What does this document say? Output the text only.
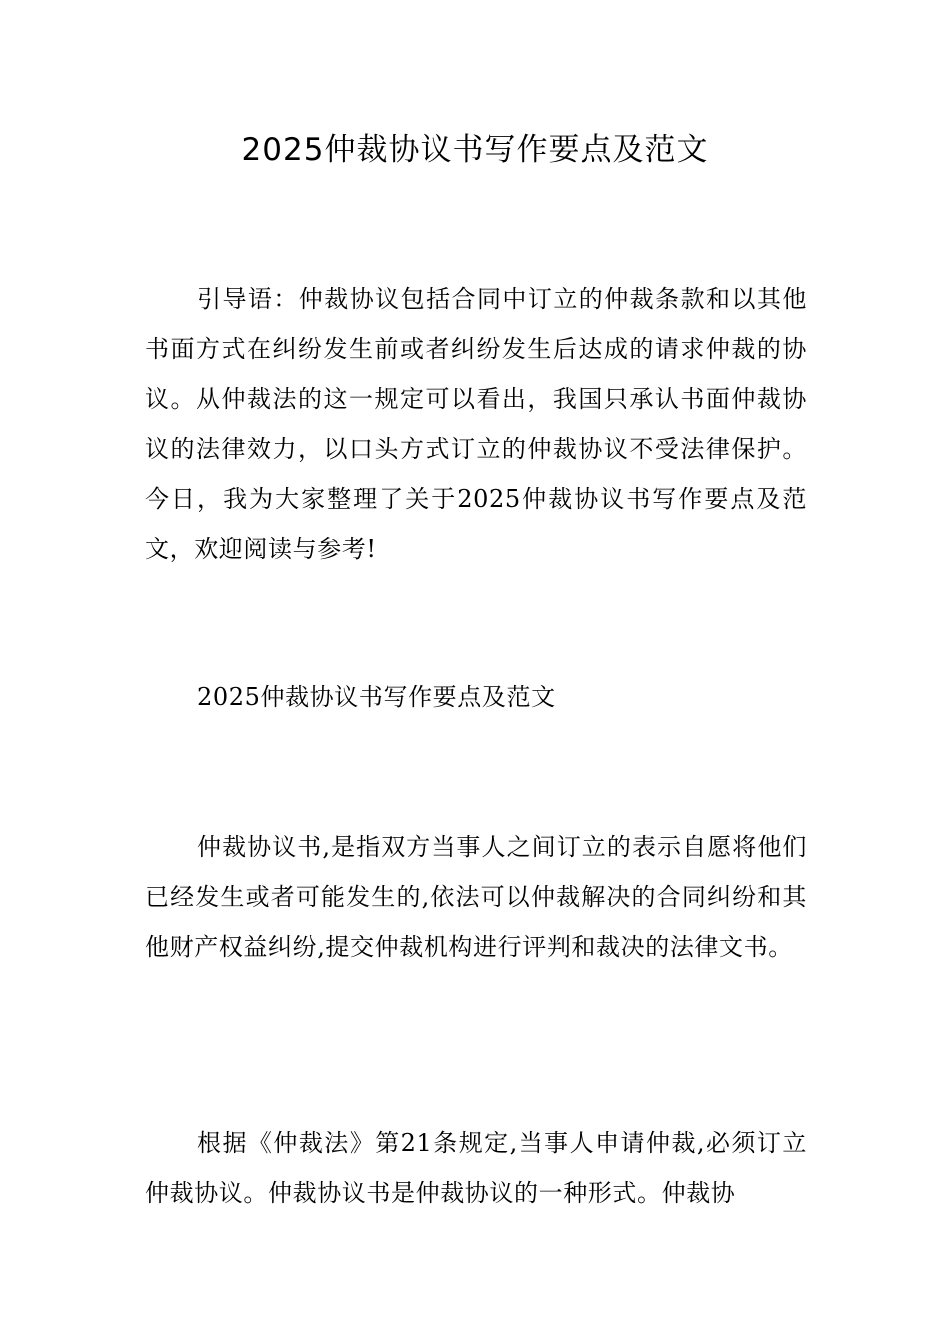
2025仲裁协议书写作要点及范文

引导语：仲裁协议包括合同中订立的仲裁条款和以其他书面方式在纠纷发生前或者纠纷发生后达成的请求仲裁的协议。从仲裁法的这一规定可以看出，我国只承认书面仲裁协议的法律效力，以口头方式订立的仲裁协议不受法律保护。今日，我为大家整理了关于2025仲裁协议书写作要点及范文，欢迎阅读与参考!

2025仲裁协议书写作要点及范文

仲裁协议书,是指双方当事人之间订立的表示自愿将他们已经发生或者可能发生的,依法可以仲裁解决的合同纠纷和其他财产权益纠纷,提交仲裁机构进行评判和裁决的法律文书。

根据《仲裁法》第21条规定,当事人申请仲裁,必须订立仲裁协议。仲裁协议书是仲裁协议的一种形式。仲裁协
